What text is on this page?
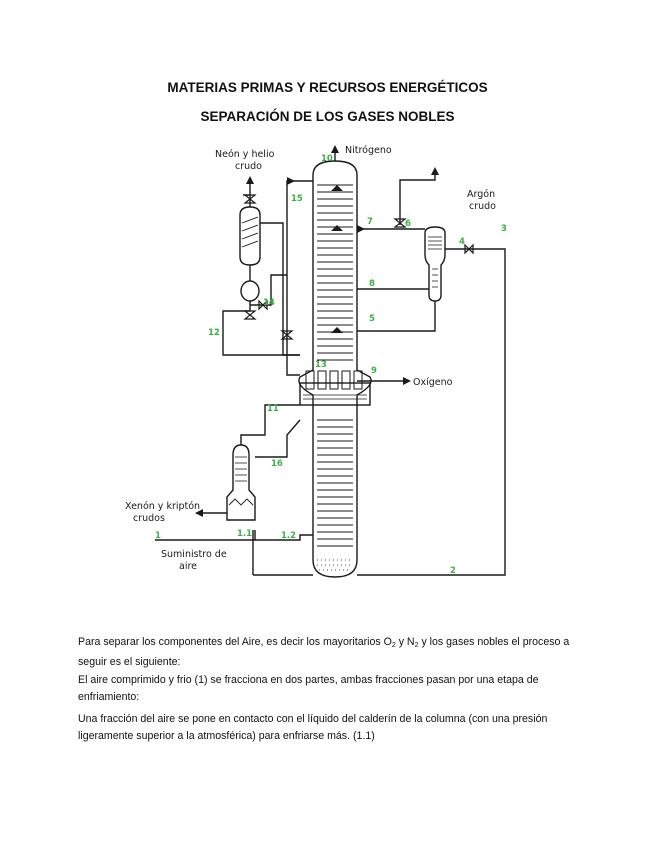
MATERIAS PRIMAS Y RECURSOS ENERGÉTICOS
SEPARACIÓN DE LOS GASES NOBLES
Neón y helio
crudo
Nitrógeno
Argón
crudo
Oxígeno
Xenón y kriptón
crudos
Suministro de
aire
10
15
7	6	3
4
8
5
14
12
13
9
11
16
1	1.1	1.2
2

Para separar los componentes del Aire, es decir los mayoritarios $O_2$ y $N_2$ y los gases nobles el proceso a seguir es el siguiente:

El aire comprimido y frio (1) se fracciona en dos partes, ambas fracciones pasan por una etapa de enfriamiento:

Una fracción del aire se pone en contacto con el líquido del calderín de la columna (con una presión ligeramente superior a la atmosférica) para enfriarse más. (1.1)
